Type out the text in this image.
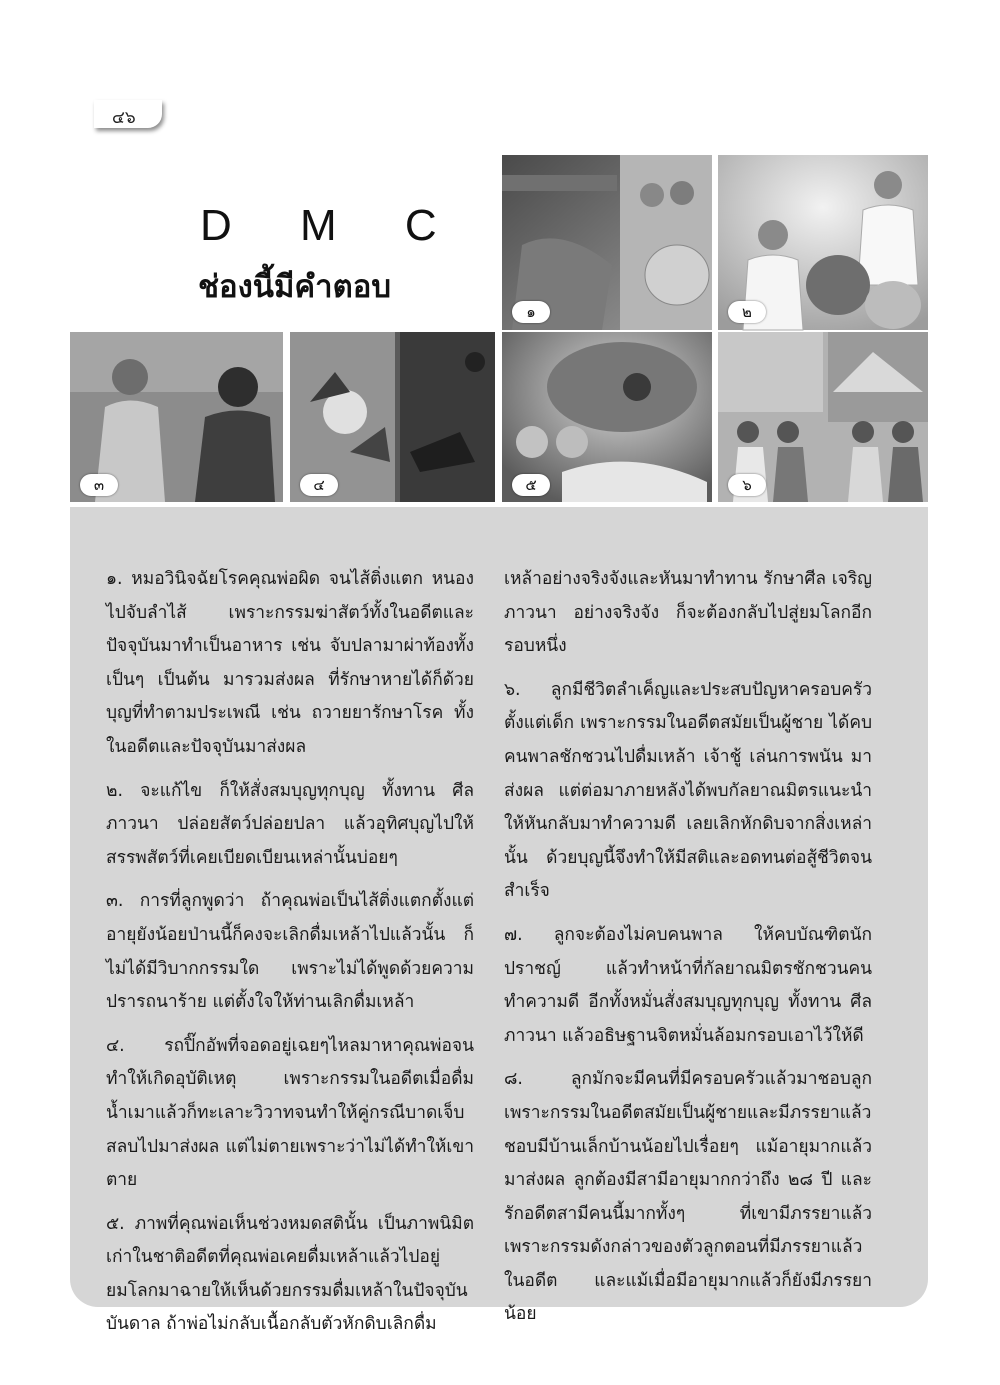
๔๖
D M C
ช่องนี้มีคำตอบ
๑	๒
๓	๔	๕	๖

๑. หมอวินิจฉัยโรคคุณพ่อผิด จนไส้ติ่งแตก หนองไปจับลำไส้ เพราะกรรมฆ่าสัตว์ทั้งในอดีตและปัจจุบันมาทำเป็นอาหาร เช่น จับปลามาผ่าท้องทั้งเป็นๆ เป็นต้น มารวมส่งผล ที่รักษาหายได้ก็ด้วยบุญที่ทำตามประเพณี เช่น ถวายยารักษาโรค ทั้งในอดีตและปัจจุบันมาส่งผล

๒. จะแก้ไข ก็ให้สั่งสมบุญทุกบุญ ทั้งทาน ศีล ภาวนา ปล่อยสัตว์ปล่อยปลา แล้วอุทิศบุญไปให้สรรพสัตว์ที่เคยเบียดเบียนเหล่านั้นบ่อยๆ

๓. การที่ลูกพูดว่า ถ้าคุณพ่อเป็นไส้ติ่งแตกตั้งแต่อายุยังน้อยป่านนี้ก็คงจะเลิกดื่มเหล้าไปแล้วนั้น ก็ไม่ได้มีวิบากกรรมใด เพราะไม่ได้พูดด้วยความปรารถนาร้าย แต่ตั้งใจให้ท่านเลิกดื่มเหล้า

๔. รถปิ๊กอัพที่จอดอยู่เฉยๆไหลมาหาคุณพ่อจนทำให้เกิดอุบัติเหตุ เพราะกรรมในอดีตเมื่อดื่มน้ำเมาแล้วก็ทะเลาะวิวาทจนทำให้คู่กรณีบาดเจ็บสลบไปมาส่งผล แต่ไม่ตายเพราะว่าไม่ได้ทำให้เขาตาย

๕. ภาพที่คุณพ่อเห็นช่วงหมดสตินั้น เป็นภาพนิมิตเก่าในชาติอดีตที่คุณพ่อเคยดื่มเหล้าแล้วไปอยู่ยมโลกมาฉายให้เห็นด้วยกรรมดื่มเหล้าในปัจจุบันบันดาล ถ้าพ่อไม่กลับเนื้อกลับตัวหักดิบเลิกดื่ม

เหล้าอย่างจริงจังและหันมาทำทาน รักษาศีล เจริญภาวนา อย่างจริงจัง ก็จะต้องกลับไปสู่ยมโลกอีกรอบหนึ่ง

๖. ลูกมีชีวิตลำเค็ญและประสบปัญหาครอบครัวตั้งแต่เด็ก เพราะกรรมในอดีตสมัยเป็นผู้ชาย ได้คบคนพาลชักชวนไปดื่มเหล้า เจ้าชู้ เล่นการพนัน มาส่งผล แต่ต่อมาภายหลังได้พบกัลยาณมิตรแนะนำให้หันกลับมาทำความดี เลยเลิกหักดิบจากสิ่งเหล่านั้น ด้วยบุญนี้จึงทำให้มีสติและอดทนต่อสู้ชีวิตจนสำเร็จ

๗. ลูกจะต้องไม่คบคนพาล ให้คบบัณฑิตนักปราชญ์ แล้วทำหน้าที่กัลยาณมิตรชักชวนคนทำความดี อีกทั้งหมั่นสั่งสมบุญทุกบุญ ทั้งทาน ศีล ภาวนา แล้วอธิษฐานจิตหมั่นล้อมกรอบเอาไว้ให้ดี

๘. ลูกมักจะมีคนที่มีครอบครัวแล้วมาชอบลูก เพราะกรรมในอดีตสมัยเป็นผู้ชายและมีภรรยาแล้ว ชอบมีบ้านเล็กบ้านน้อยไปเรื่อยๆ แม้อายุมากแล้วมาส่งผล ลูกต้องมีสามีอายุมากกว่าถึง ๒๘ ปี และรักอดีตสามีคนนี้มากทั้งๆ ที่เขามีภรรยาแล้ว เพราะกรรมดังกล่าวของตัวลูกตอนที่มีภรรยาแล้วในอดีต และแม้เมื่อมีอายุมากแล้วก็ยังมีภรรยาน้อย
